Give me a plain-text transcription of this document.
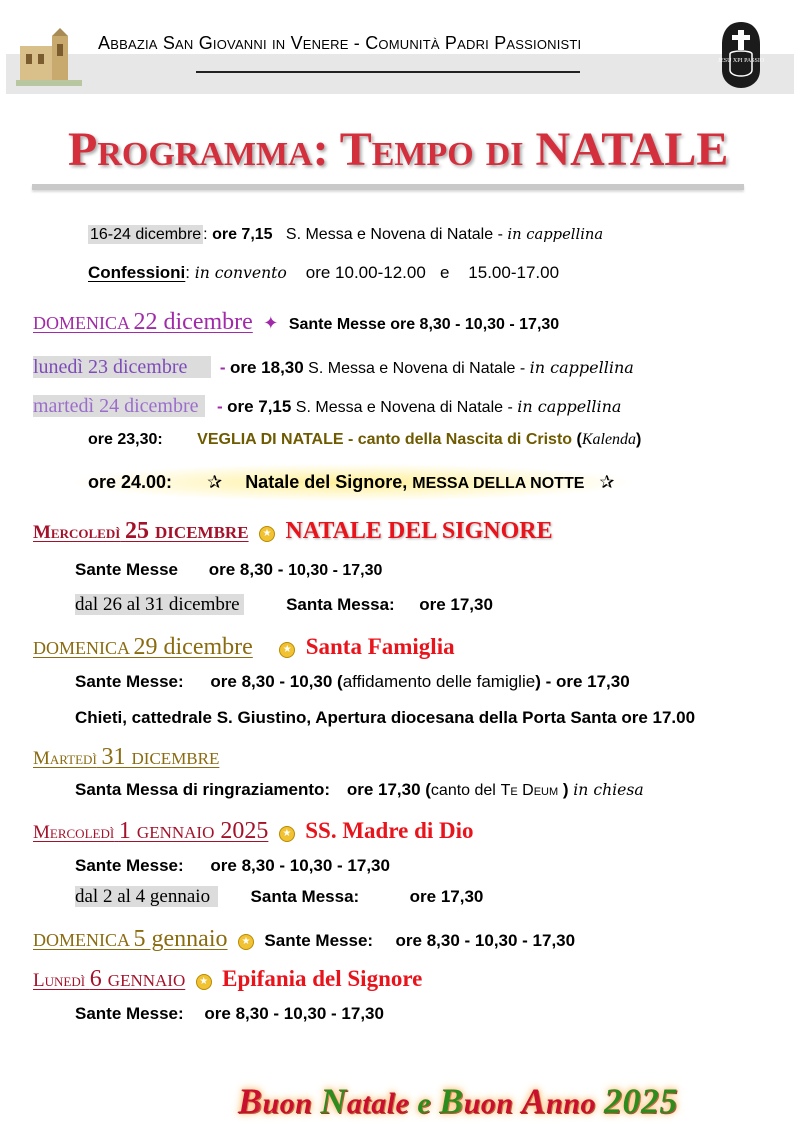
Abbazia San Giovanni in Venere - Comunità Padri Passionisti
JESU XPI PASSIO
Programma: Tempo di NATALE
16-24 dicembre : ore 7,15 S. Messa e Novena di Natale - in cappellina
Confessioni: in convento ore 10.00-12.00   e    15.00-17.00
DOMENICA 22 dicembre ✦ Sante Messe ore 8,30 - 10,30 - 17,30
lunedì 23 dicembre - ore 18,30 S. Messa e Novena di Natale - in cappellina
martedì 24 dicembre - ore 7,15 S. Messa e Novena di Natale - in cappellina
ore 23,30: VEGLIA DI NATALE - canto della Nascita di Cristo (Kalenda)
ore 24.00: ✰ Natale del Signore, MESSA DELLA NOTTE ✰
Mercoledì 25 dicembre ★ NATALE DEL SIGNORE
Sante Messe ore 8,30 - 10,30 - 17,30
dal 26 al 31 dicembre	Santa Messa: ore 17,30
DOMENICA 29 dicembre	★ Santa Famiglia
Sante Messe: ore 8,30 - 10,30 (affidamento delle famiglie) - ore 17,30
Chieti, cattedrale S. Giustino, Apertura diocesana della Porta Santa ore 17.00
Martedì 31 dicembre
Santa Messa di ringraziamento: ore 17,30 (canto del Te Deum ) in chiesa
Mercoledì 1 gennaio 2025 ★ SS. Madre di Dio
Sante Messe: ore 8,30 - 10,30 - 17,30
dal 2 al 4 gennaio Santa Messa:	ore 17,30
DOMENICA 5 gennaio ★ Sante Messe: ore 8,30 - 10,30 - 17,30
Lunedì 6 gennaio ★ Epifania del Signore
Sante Messe: ore 8,30 - 10,30 - 17,30
Buon Natale e Buon Anno 2025
